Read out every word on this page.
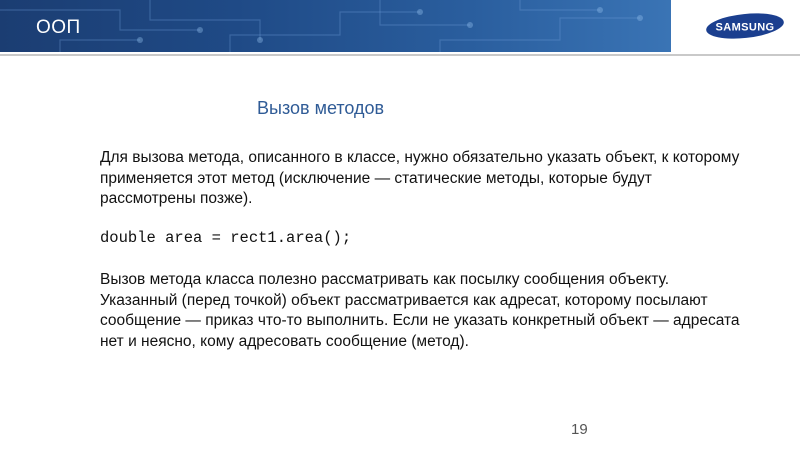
ООП	SAMSUNG
Вызов методов

Для вызова метода, описанного в классе, нужно обязательно указать объект, к которому применяется этот метод (исключение — статические методы, которые будут рассмотрены позже).

double area = rect1.area();

Вызов метода класса полезно рассматривать как посылку сообщения объекту. Указанный (перед точкой) объект рассматривается как адресат, которому посылают сообщение — приказ что-то выполнить. Если не указать конкретный объект — адресата нет и неясно, кому адресовать сообщение (метод).

19
